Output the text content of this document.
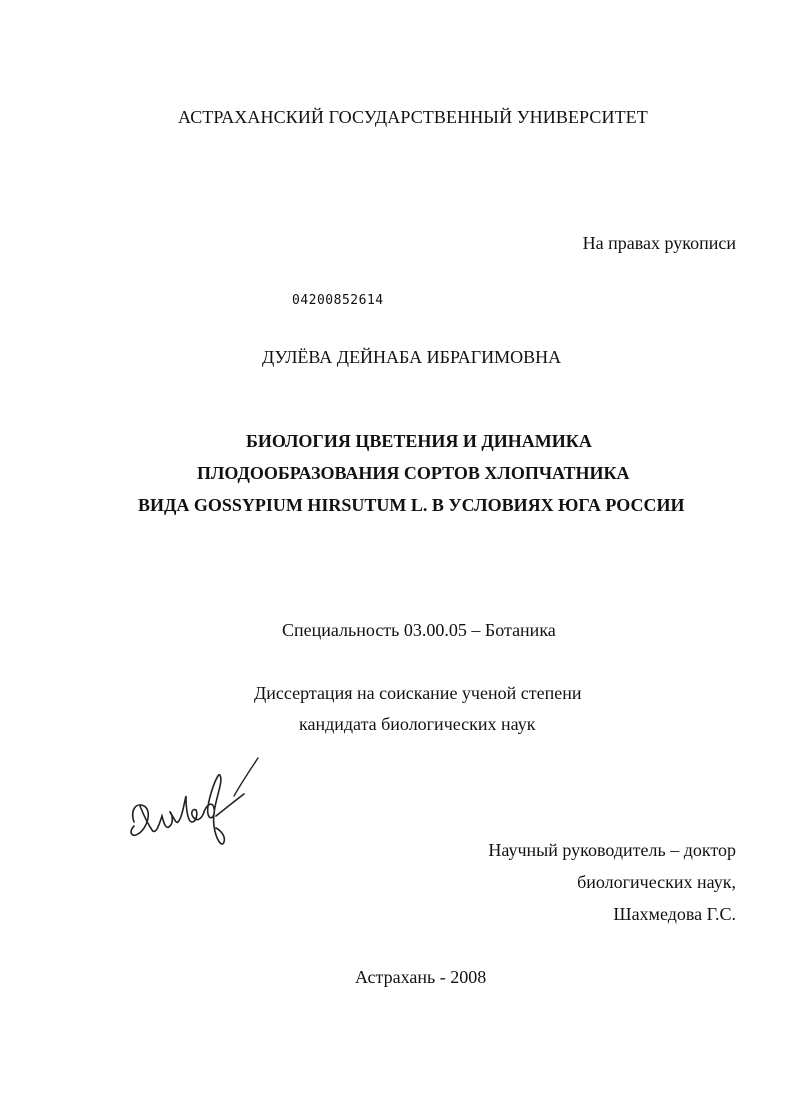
АСТРАХАНСКИЙ ГОСУДАРСТВЕННЫЙ УНИВЕРСИТЕТ
На правах рукописи
04200852614
ДУЛЁВА ДЕЙНАБА ИБРАГИМОВНА
БИОЛОГИЯ ЦВЕТЕНИЯ И ДИНАМИКА
ПЛОДООБРАЗОВАНИЯ СОРТОВ ХЛОПЧАТНИКА
ВИДА GOSSYPIUM HIRSUTUM L. В УСЛОВИЯХ ЮГА РОССИИ
Специальность 03.00.05 – Ботаника
Диссертация на соискание ученой степени
кандидата биологических наук
Научный руководитель – доктор
биологических наук,
Шахмедова Г.С.
Астрахань - 2008
